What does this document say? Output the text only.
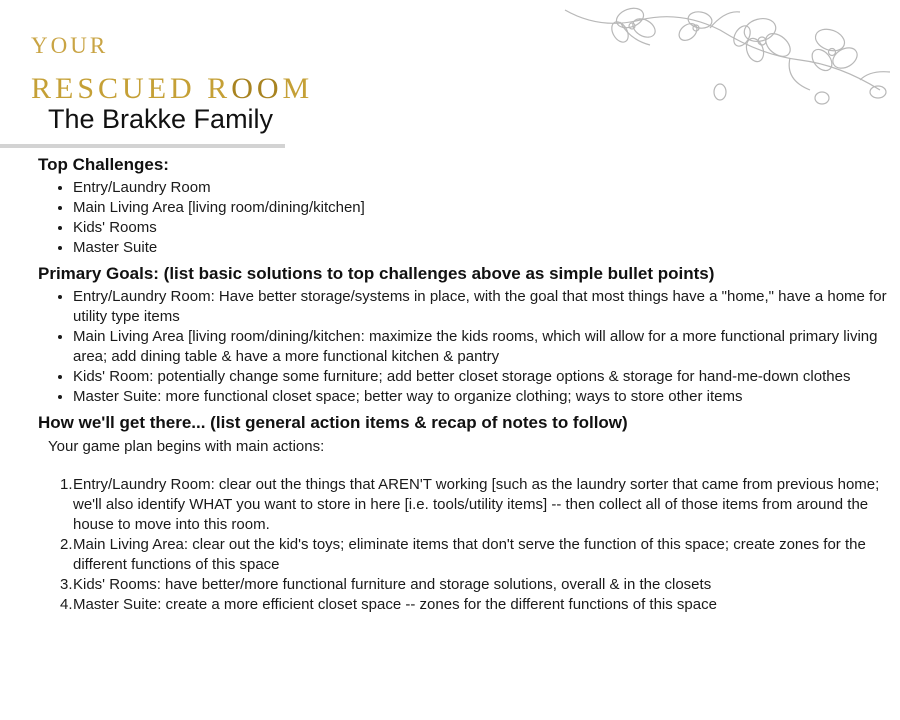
YOUR
RESCUED ROOM
The Brakke Family
Top Challenges:
• Entry/Laundry Room
• Main Living Area [living room/dining/kitchen]
• Kids' Rooms
• Master Suite
Primary Goals: (list basic solutions to top challenges above as simple bullet points)
• Entry/Laundry Room: Have better storage/systems in place, with the goal that most things have a "home," have a home for utility type items
• Main Living Area [living room/dining/kitchen: maximize the kids rooms, which will allow for a more functional primary living area; add dining table & have a more functional kitchen & pantry
• Kids' Room: potentially change some furniture; add better closet storage options & storage for hand-me-down clothes
• Master Suite: more functional closet space; better way to organize clothing; ways to store other items
How we'll get there... (list general action items & recap of notes to follow)
Your game plan begins with main actions:
1. Entry/Laundry Room: clear out the things that AREN'T working [such as the laundry sorter that came from previous home; we'll also identify WHAT you want to store in here [i.e. tools/utility items] -- then collect all of those items from around the house to move into this room.
2. Main Living Area: clear out the kid's toys; eliminate items that don't serve the function of this space; create zones for the different functions of this space
3. Kids' Rooms: have better/more functional furniture and storage solutions, overall & in the closets
4. Master Suite: create a more efficient closet space -- zones for the different functions of this space
